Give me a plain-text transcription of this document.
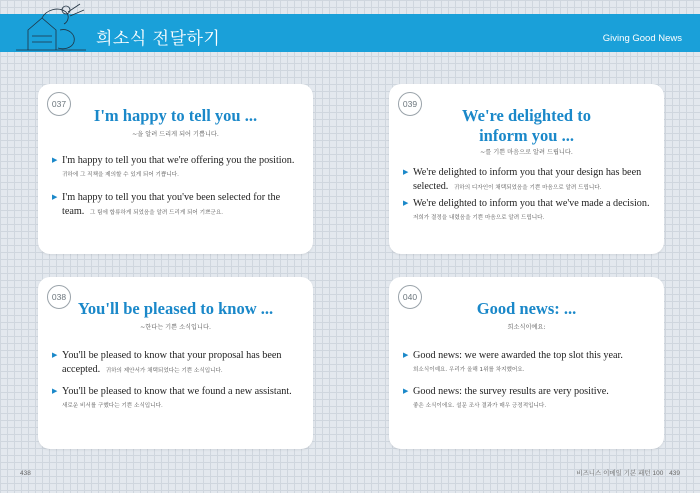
희소식 전달하기	Giving Good News
037
I'm happy to tell you ...
~을 알려 드리게 되어 기쁩니다.
▶ I'm happy to tell you that we're offering you the position.
귀하에 그 직책을 제의할 수 있게 되어 기쁩니다.
▶ I'm happy to tell you that you've been selected for the team. 그 팀에 합류하게 되었음을 알려 드리게 되어 기쁘군요.
039
We're delighted to
inform you ...
~를 기쁜 마음으로 알려 드립니다.
▶ We're delighted to inform you that your design has been
selected. 귀하의 디자인이 채택되었음을 기쁜 마음으로 알려 드립니다.
▶ We're delighted to inform you that we've made a decision.
저희가 결정을 내렸음을 기쁜 마음으로 알려 드립니다.
038
You'll be pleased to know ...
~한다는 기쁜 소식입니다.
▶ You'll be pleased to know that your proposal has been
accepted. 귀하의 제안서가 채택되었다는 기쁜 소식입니다.
▶ You'll be pleased to know that we found a new assistant.
새로운 비서를 구했다는 기쁜 소식입니다.
040
Good news: ...
희소식이예요:
▶ Good news: we were awarded the top slot this year.
희소식이예요. 우리가 올해 1위를 차지했어요.
▶ Good news: the survey results are very positive.
좋은 소식이에요. 설문 조사 결과가 매우 긍정적입니다.
438	비즈니스 이메일 기본 패턴 100 439
